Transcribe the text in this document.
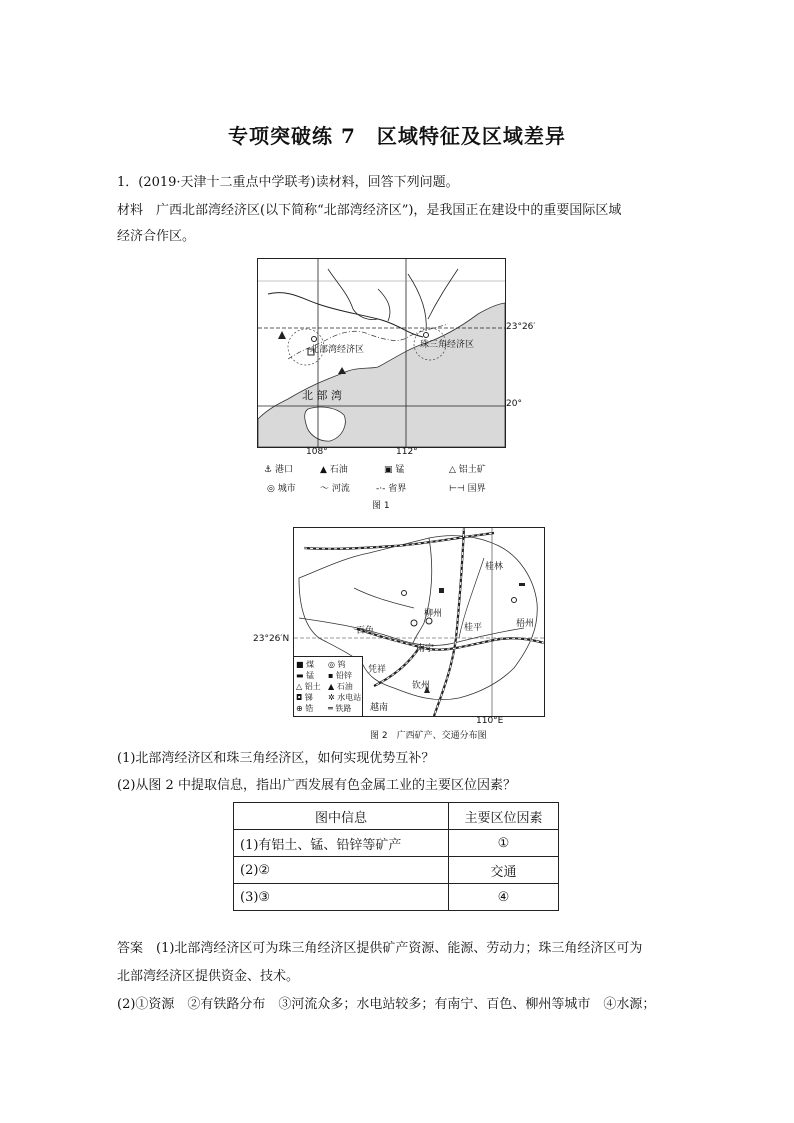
专项突破练 7　区域特征及区域差异
1．(2019·天津十二重点中学联考)读材料，回答下列问题。
材料　广西北部湾经济区(以下简称“北部湾经济区”)，是我国正在建设中的重要国际区域
经济合作区。
北部湾经济区	珠三角经济区
北 部 湾
23°26′
20°
108°	112°
⚓ 港口	▲ 石油	▣ 锰	△ 铝土矿
◎ 城市	〜 河流	-·- 省界	⊢⊣ 国界
图 1
桂林
柳州
百色	桂平	梧州
南宁
凭祥
钦州
越南
■ 煤 ◎ 钨
▬ 锰 ▪ 铅锌
△ 铝土 ▲ 石油
◘ 锑 ✲ 水电站
⊕ 锆 ═ 铁路
23°26′N
110°E
图 2　广西矿产、交通分布图
(1)北部湾经济区和珠三角经济区，如何实现优势互补？
(2)从图 2 中提取信息，指出广西发展有色金属工业的主要区位因素？
图中信息	主要区位因素
(1)有铝土、锰、铅锌等矿产	①
(2)②	交通
(3)③	④
答案　(1)北部湾经济区可为珠三角经济区提供矿产资源、能源、劳动力；珠三角经济区可为
北部湾经济区提供资金、技术。
(2)①资源　②有铁路分布　③河流众多；水电站较多；有南宁、百色、柳州等城市　④水源；
